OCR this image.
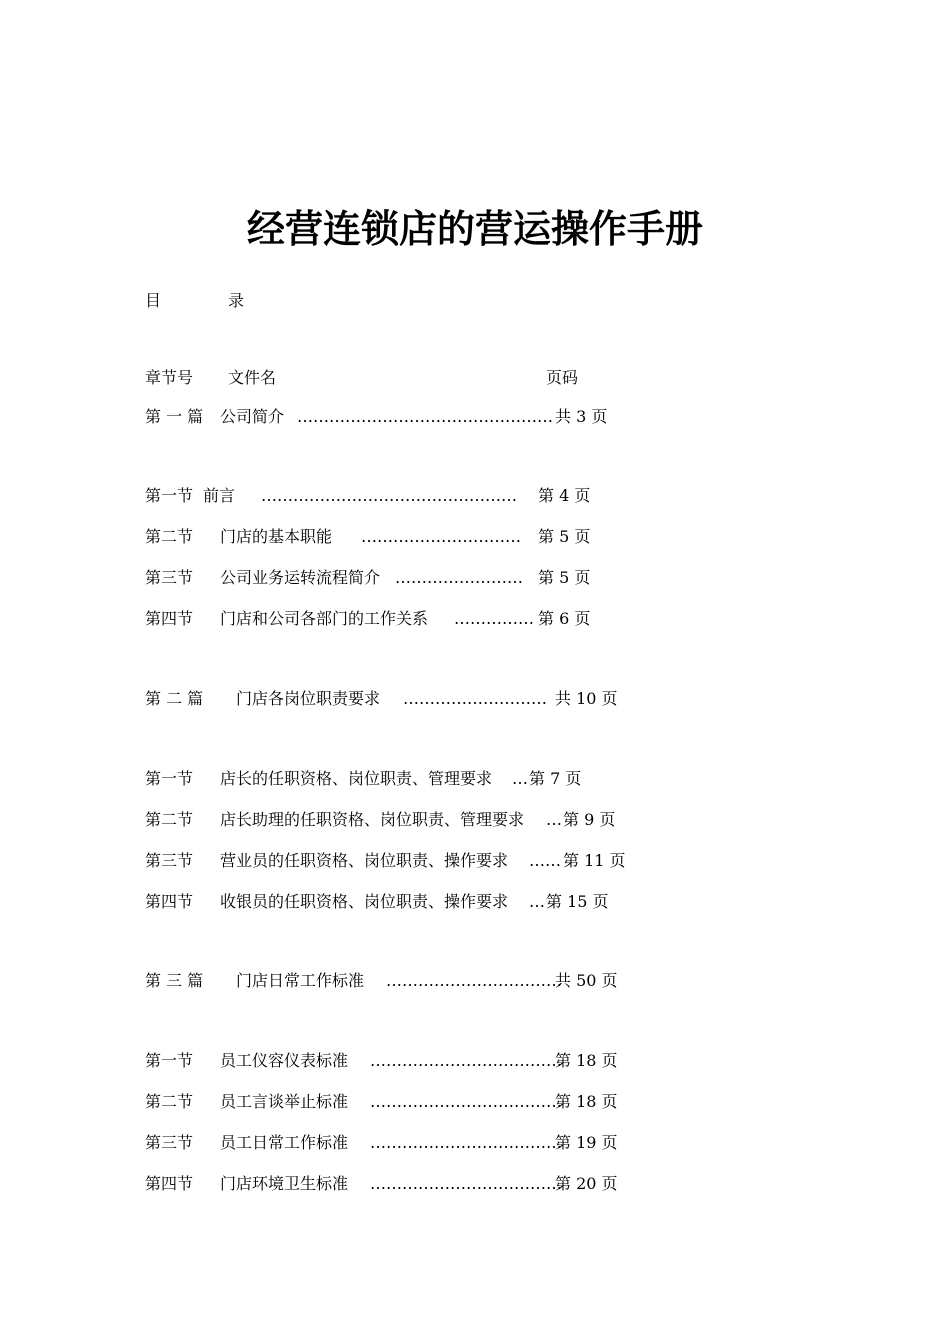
经营连锁店的营运操作手册
目	录
章节号 文件名	页码
第 一 篇 公司简介 ………………………………………… 共 3 页
第一节 前言 ………………………………………… 第 4 页
第二节 门店的基本职能 ………………………… 第 5 页
第三节 公司业务运转流程简介 …………………… 第 5 页
第四节 门店和公司各部门的工作关系 …………… 第 6 页
第 二 篇 门店各岗位职责要求 ……………………… 共 10 页
第一节 店长的任职资格、岗位职责、管理要求 … 第 7 页
第二节 店长助理的任职资格、岗位职责、管理要求 … 第 9 页
第三节 营业员的任职资格、岗位职责、操作要求 …… 第 11 页
第四节 收银员的任职资格、岗位职责、操作要求 … 第 15 页
第 三 篇 门店日常工作标准 ……………………………
共 50 页
第一节 员工仪容仪表标准 ………………………………
第 18 页
第二节 员工言谈举止标准 ………………………………
第 18 页
第三节 员工日常工作标准 ………………………………
第 19 页
第四节 门店环境卫生标准 ………………………………
第 20 页
